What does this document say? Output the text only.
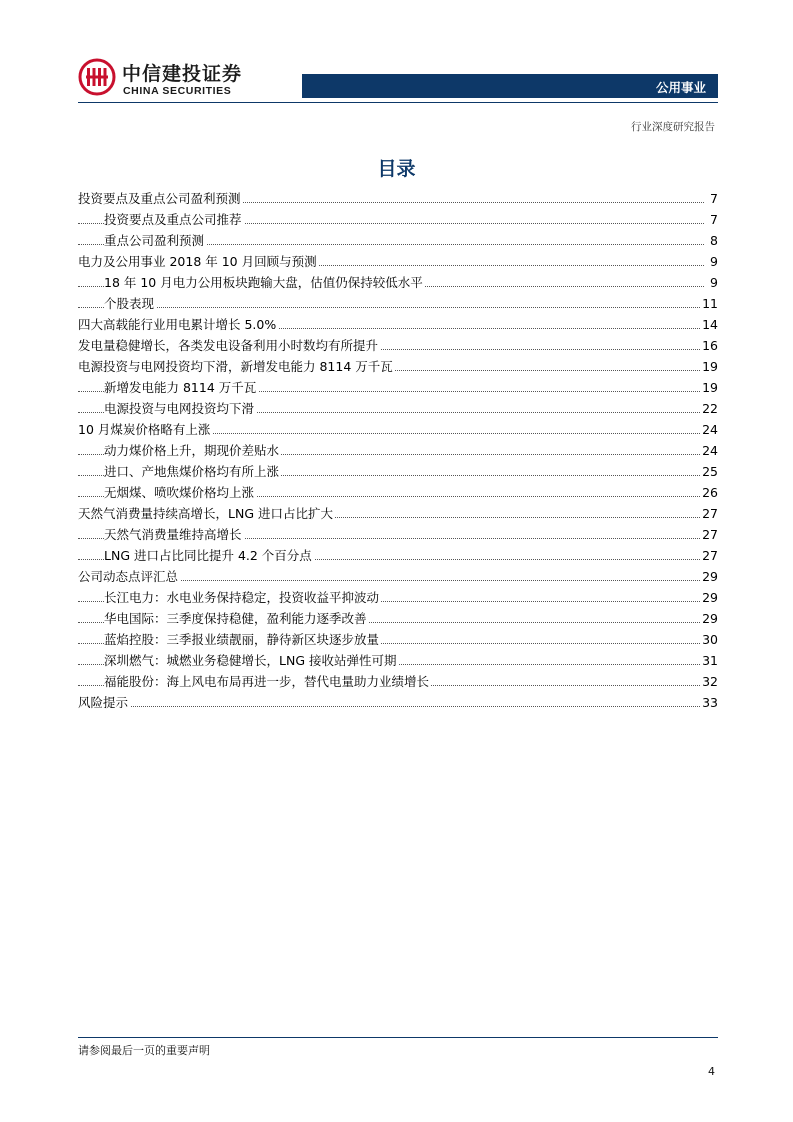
中信建投证券
CHINA SECURITIES	公用事业
行业深度研究报告
目录
投资要点及重点公司盈利预测	7
投资要点及重点公司推荐	7
重点公司盈利预测	8
电力及公用事业 2018 年 10 月回顾与预测	9
18 年 10 月电力公用板块跑输大盘，估值仍保持较低水平	9
个股表现	11
四大高载能行业用电累计增长 5.0%	14
发电量稳健增长，各类发电设备利用小时数均有所提升	16
电源投资与电网投资均下滑，新增发电能力 8114 万千瓦	19
新增发电能力 8114 万千瓦	19
电源投资与电网投资均下滑	22
10 月煤炭价格略有上涨	24
动力煤价格上升，期现价差贴水	24
进口、产地焦煤价格均有所上涨	25
无烟煤、喷吹煤价格均上涨	26
天然气消费量持续高增长，LNG 进口占比扩大	27
天然气消费量维持高增长	27
LNG 进口占比同比提升 4.2 个百分点	27
公司动态点评汇总	29
长江电力：水电业务保持稳定，投资收益平抑波动	29
华电国际：三季度保持稳健，盈利能力逐季改善	29
蓝焰控股：三季报业绩靓丽，静待新区块逐步放量	30
深圳燃气：城燃业务稳健增长，LNG 接收站弹性可期	31
福能股份：海上风电布局再进一步，替代电量助力业绩增长	32
风险提示	33
请参阅最后一页的重要声明
4
